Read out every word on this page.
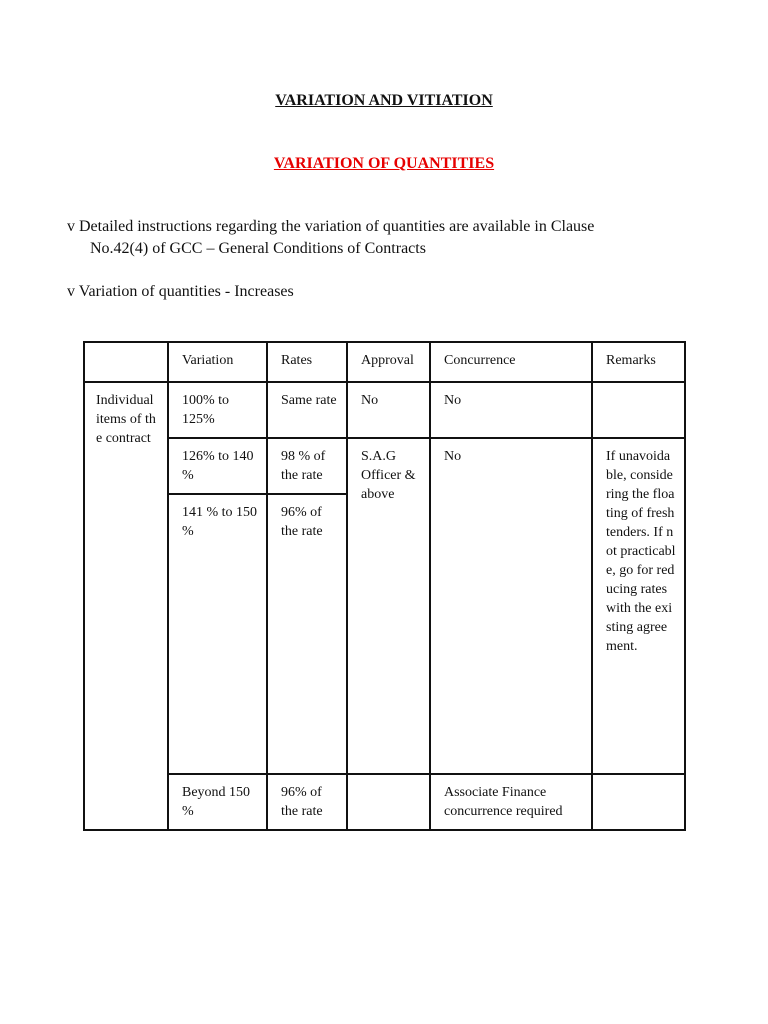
VARIATION AND VITIATION
VARIATION OF QUANTITIES
v Detailed instructions regarding the variation of quantities are available in Clause
No.42(4) of GCC – General Conditions of Contracts
v Variation of quantities - Increases
	Variation	Rates	Approval	Concurrence	Remarks
Individual items of the contract	100% to 125%	Same rate	No	No	
	126% to 140 %	98 % of the rate	S.A.G Officer & above	No	If unavoidable, considering the floating of fresh tenders. If not practicable, go for reducing rates with the existing agreement.
	141 % to 150 %	96% of the rate			
	Beyond 150 %	96% of the rate		Associate Finance concurrence required	
